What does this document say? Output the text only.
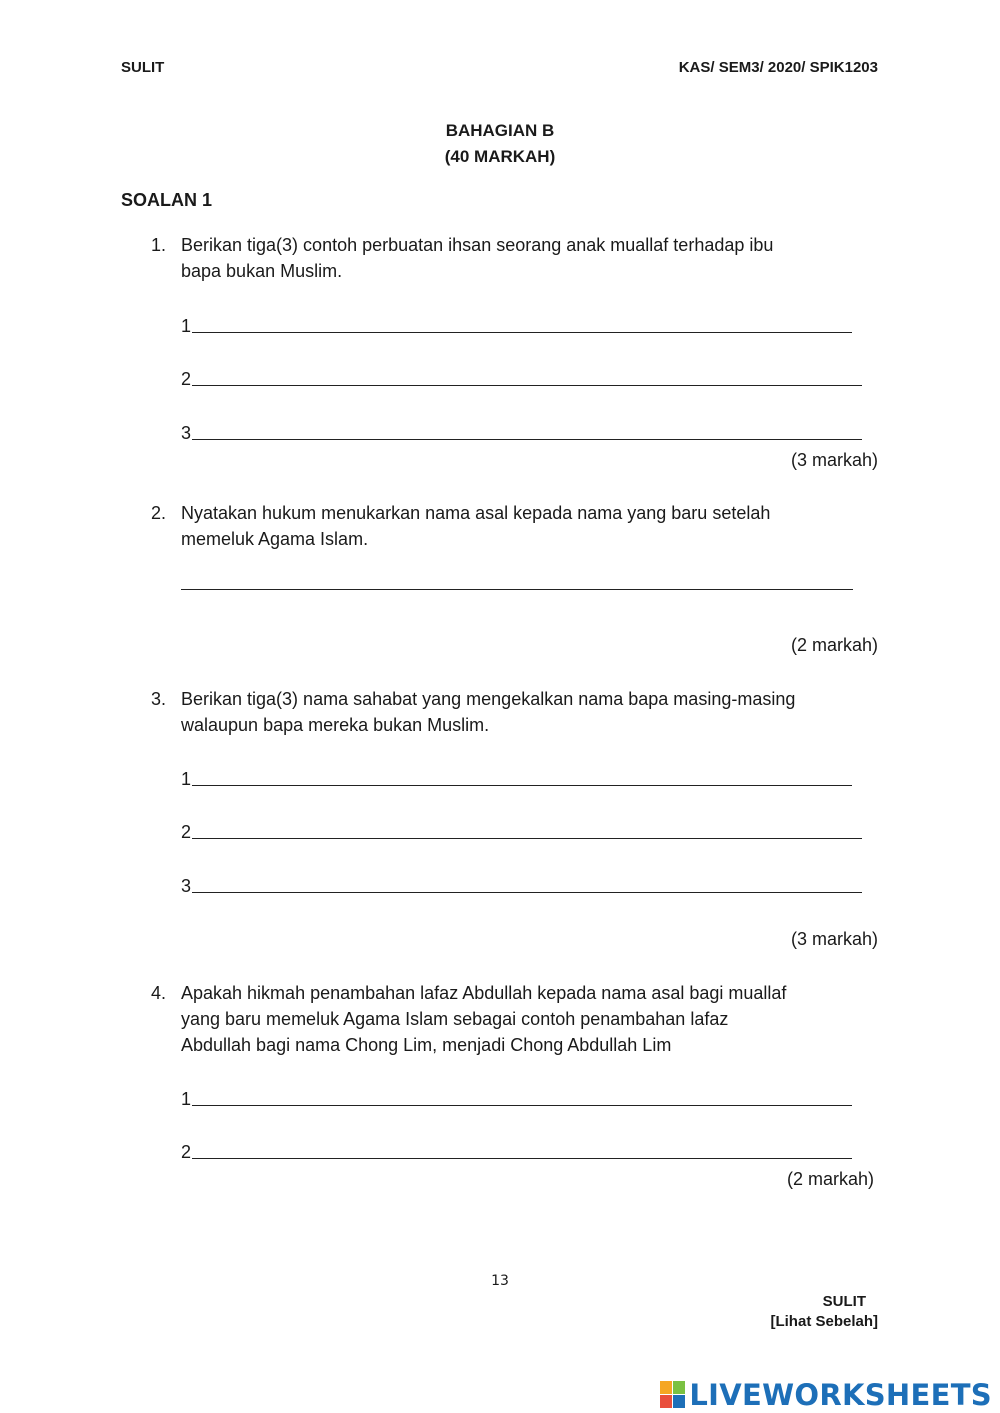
SULIT	KAS/ SEM3/ 2020/ SPIK1203
BAHAGIAN B
(40 MARKAH)
SOALAN 1
1. Berikan tiga(3) contoh perbuatan ihsan seorang anak muallaf terhadap ibu
bapa bukan Muslim.
1
2
3
(3 markah)
2. Nyatakan hukum menukarkan nama asal kepada nama yang baru setelah
memeluk Agama Islam.
(2 markah)
3. Berikan tiga(3) nama sahabat yang mengekalkan nama bapa masing-masing
walaupun bapa mereka bukan Muslim.
1
2
3
(3 markah)
4. Apakah hikmah penambahan lafaz Abdullah kepada nama asal bagi muallaf
yang baru memeluk Agama Islam sebagai contoh penambahan lafaz
Abdullah bagi nama Chong Lim, menjadi Chong Abdullah Lim
1
2
(2 markah)
13
SULIT
[Lihat Sebelah]
LIVEWORKSHEETS
